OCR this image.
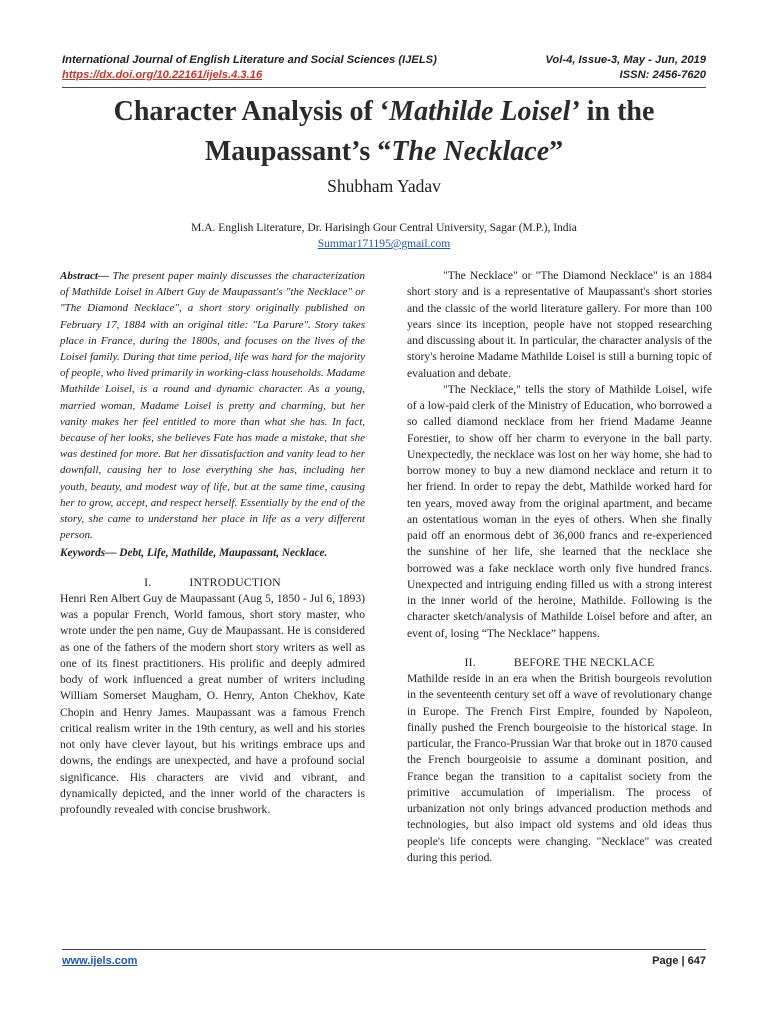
International Journal of English Literature and Social Sciences (IJELS)	Vol-4, Issue-3, May - Jun, 2019
https://dx.doi.org/10.22161/ijels.4.3.16	ISSN: 2456-7620
Character Analysis of ‘Mathilde Loisel’ in the
Maupassant’s “The Necklace”
Shubham Yadav
M.A. English Literature, Dr. Harisingh Gour Central University, Sagar (M.P.), India
Summar171195@gmail.com

Abstract— The present paper mainly discusses the characterization of Mathilde Loisel in Albert Guy de Maupassant's "the Necklace" or "The Diamond Necklace", a short story originally published on February 17, 1884 with an original title: "La Parure". Story takes place in France, during the 1800s, and focuses on the lives of the Loisel family. During that time period, life was hard for the majority of people, who lived primarily in working-class households. Madame Mathilde Loisel, is a round and dynamic character. As a young, married woman, Madame Loisel is pretty and charming, but her vanity makes her feel entitled to more than what she has. In fact, because of her looks, she believes Fate has made a mistake, that she was destined for more. But her dissatisfaction and vanity lead to her downfall, causing her to lose everything she has, including her youth, beauty, and modest way of life, but at the same time, causing her to grow, accept, and respect herself. Essentially by the end of the story, she came to understand her place in life as a very different person.

Keywords— Debt, Life, Mathilde, Maupassant, Necklace.

I.	INTRODUCTION

Henri Ren Albert Guy de Maupassant (Aug 5, 1850 - Jul 6, 1893) was a popular French, World famous, short story master, who wrote under the pen name, Guy de Maupassant. He is considered as one of the fathers of the modern short story writers as well as one of its finest practitioners. His prolific and deeply admired body of work influenced a great number of writers including William Somerset Maugham, O. Henry, Anton Chekhov, Kate Chopin and Henry James. Maupassant was a famous French critical realism writer in the 19th century, as well and his stories not only have clever layout, but his writings embrace ups and downs, the endings are unexpected, and have a profound social significance. His characters are vivid and vibrant, and dynamically depicted, and the inner world of the characters is profoundly revealed with concise brushwork.

"The Necklace" or "The Diamond Necklace" is an 1884 short story and is a representative of Maupassant's short stories and the classic of the world literature gallery. For more than 100 years since its inception, people have not stopped researching and discussing about it. In particular, the character analysis of the story's heroine Madame Mathilde Loisel is still a burning topic of evaluation and debate.

"The Necklace," tells the story of Mathilde Loisel, wife of a low-paid clerk of the Ministry of Education, who borrowed a so called diamond necklace from her friend Madame Jeanne Forestier, to show off her charm to everyone in the ball party. Unexpectedly, the necklace was lost on her way home, she had to borrow money to buy a new diamond necklace and return it to her friend. In order to repay the debt, Mathilde worked hard for ten years, moved away from the original apartment, and became an ostentatious woman in the eyes of others. When she finally paid off an enormous debt of 36,000 francs and re-experienced the sunshine of her life, she learned that the necklace she borrowed was a fake necklace worth only five hundred francs. Unexpected and intriguing ending filled us with a strong interest in the inner world of the heroine, Mathilde. Following is the character sketch/analysis of Mathilde Loisel before and after, an event of, losing “The Necklace” happens.

II.	BEFORE THE NECKLACE

Mathilde reside in an era when the British bourgeois revolution in the seventeenth century set off a wave of revolutionary change in Europe. The French First Empire, founded by Napoleon, finally pushed the French bourgeoisie to the historical stage. In particular, the Franco-Prussian War that broke out in 1870 caused the French bourgeoisie to assume a dominant position, and France began the transition to a capitalist society from the primitive accumulation of imperialism. The process of urbanization not only brings advanced production methods and technologies, but also impact old systems and old ideas thus people's life concepts were changing. "Necklace" was created during this period.

www.ijels.com	Page | 647
